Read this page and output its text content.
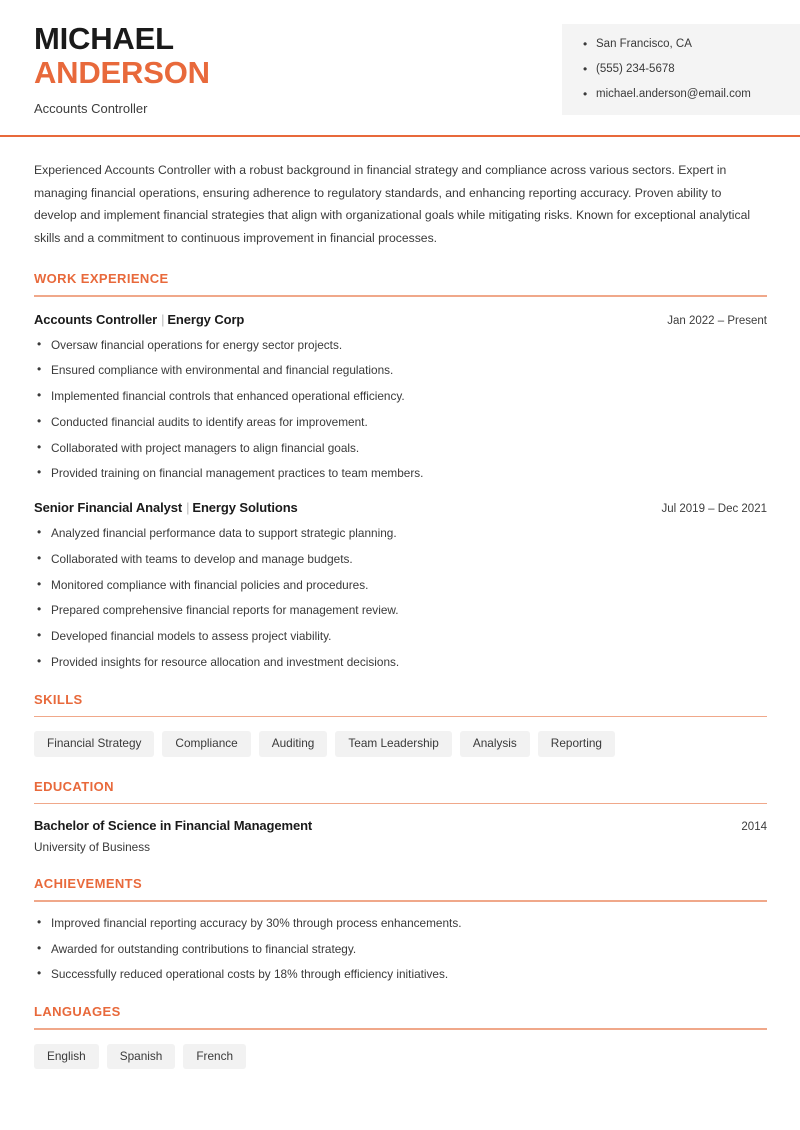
MICHAEL
ANDERSON
Accounts Controller
• San Francisco, CA
• (555) 234-5678
• michael.anderson@email.com

Experienced Accounts Controller with a robust background in financial strategy and compliance across various sectors. Expert in managing financial operations, ensuring adherence to regulatory standards, and enhancing reporting accuracy. Proven ability to develop and implement financial strategies that align with organizational goals while mitigating risks. Known for exceptional analytical skills and a commitment to continuous improvement in financial processes.

WORK EXPERIENCE
Accounts Controller | Energy Corp	Jan 2022 – Present
• Oversaw financial operations for energy sector projects.
• Ensured compliance with environmental and financial regulations.
• Implemented financial controls that enhanced operational efficiency.
• Conducted financial audits to identify areas for improvement.
• Collaborated with project managers to align financial goals.
• Provided training on financial management practices to team members.
Senior Financial Analyst | Energy Solutions	Jul 2019 – Dec 2021
• Analyzed financial performance data to support strategic planning.
• Collaborated with teams to develop and manage budgets.
• Monitored compliance with financial policies and procedures.
• Prepared comprehensive financial reports for management review.
• Developed financial models to assess project viability.
• Provided insights for resource allocation and investment decisions.
SKILLS
Financial Strategy	Compliance	Auditing	Team Leadership	Analysis	Reporting
EDUCATION
Bachelor of Science in Financial Management	2014
University of Business
ACHIEVEMENTS
• Improved financial reporting accuracy by 30% through process enhancements.
• Awarded for outstanding contributions to financial strategy.
• Successfully reduced operational costs by 18% through efficiency initiatives.
LANGUAGES
English	Spanish	French
